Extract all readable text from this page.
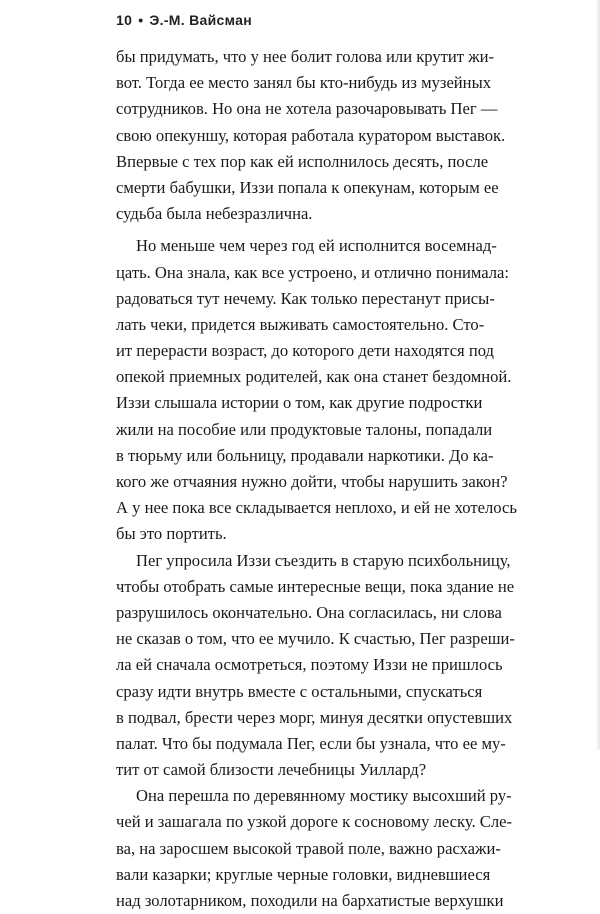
10 • Э.-М. Вайсман
бы придумать, что у нее болит голова или крутит жи-
вот. Тогда ее место занял бы кто-нибудь из музейных
сотрудников. Но она не хотела разочаровывать Пег —
свою опекуншу, которая работала куратором выставок.
Впервые с тех пор как ей исполнилось десять, после
смерти бабушки, Иззи попала к опекунам, которым ее
судьба была небезразлична.
Но меньше чем через год ей исполнится восемнад-
цать. Она знала, как все устроено, и отлично понимала:
радоваться тут нечему. Как только перестанут присы-
лать чеки, придется выживать самостоятельно. Сто-
ит перерасти возраст, до которого дети находятся под
опекой приемных родителей, как она станет бездомной.
Иззи слышала истории о том, как другие подростки
жили на пособие или продуктовые талоны, попадали
в тюрьму или больницу, продавали наркотики. До ка-
кого же отчаяния нужно дойти, чтобы нарушить закон?
А у нее пока все складывается неплохо, и ей не хотелось
бы это портить.
Пег упросила Иззи съездить в старую психбольницу,
чтобы отобрать самые интересные вещи, пока здание не
разрушилось окончательно. Она согласилась, ни слова
не сказав о том, что ее мучило. К счастью, Пег разреши-
ла ей сначала осмотреться, поэтому Иззи не пришлось
сразу идти внутрь вместе с остальными, спускаться
в подвал, брести через морг, минуя десятки опустевших
палат. Что бы подумала Пег, если бы узнала, что ее му-
тит от самой близости лечебницы Уиллард?
Она перешла по деревянному мостику высохший ру-
чей и зашагала по узкой дороге к сосновому леску. Сле-
ва, на заросшем высокой травой поле, важно расхажи-
вали казарки; круглые черные головки, видневшиеся
над золотарником, походили на бархатистые верхушки
